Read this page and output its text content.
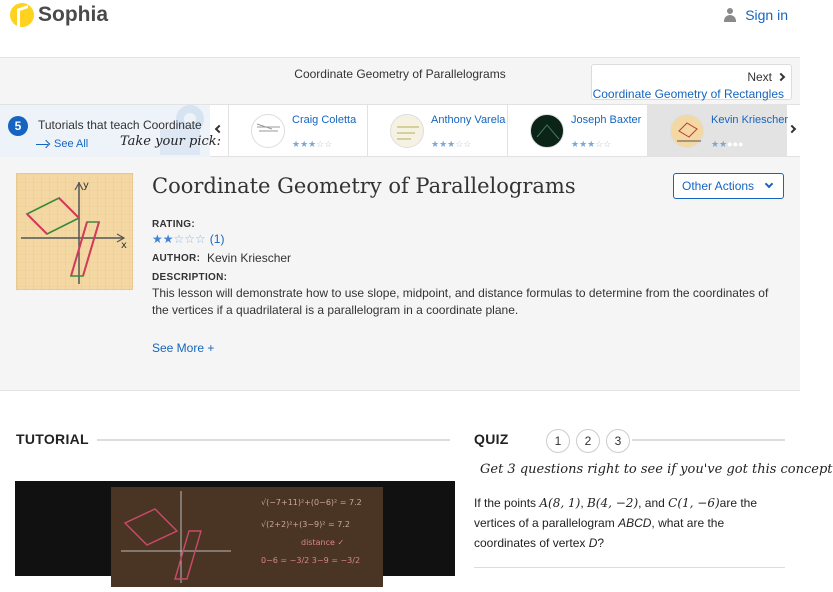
Sophia	Sign in
Coordinate Geometry of Parallelograms	Next
Coordinate Geometry of Rectangles
5	Tutorials that teach Coordinate
See All Take your pick:
Craig Coletta
★★★☆☆
Anthony Varela
★★★☆☆
Joseph Baxter
★★★☆☆
Kevin Kriescher
★★●●●
y
x
Coordinate Geometry of Parallelograms	Other Actions
RATING:
★★☆☆☆ (1)
AUTHOR: Kevin Kriescher
DESCRIPTION:
This lesson will demonstrate how to use slope, midpoint, and distance formulas to determine from the coordinates of the vertices if a quadrilateral is a parallelogram in a coordinate plane.
See More +
TUTORIAL
√(−7+11)²+(0−6)² = 7.2
√(2+2)²+(3−9)² = 7.2
distance ✓
0−6 = −3/2 3−9 = −3/2
QUIZ	1	2	3
Get 3 questions right to see if you've got this concept
If the points A(8, 1), B(4, −2), and C(1, −6)are the vertices of a parallelogram ABCD, what are the coordinates of vertex D?
